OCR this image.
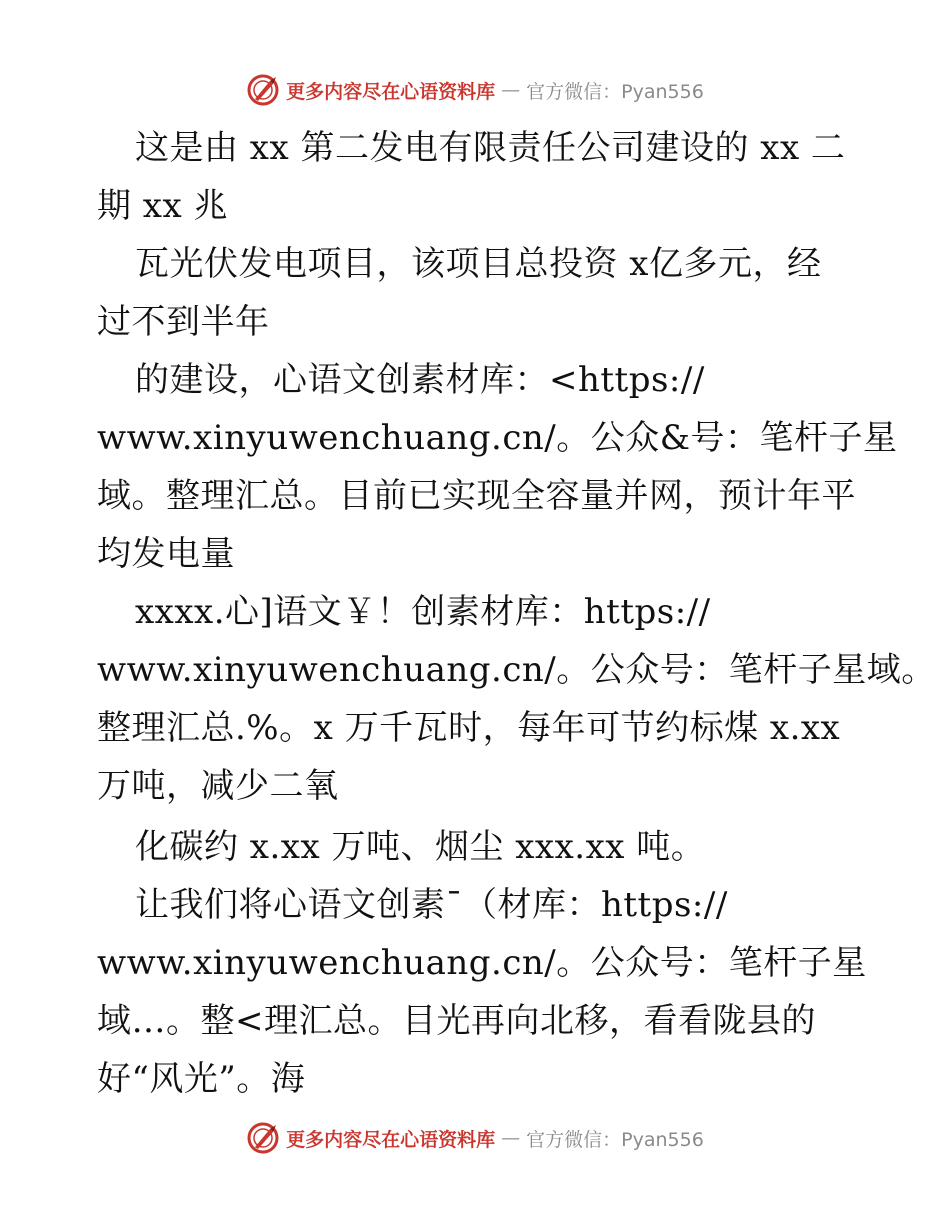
更多内容尽在心语资料库 — 官方微信：Pyan556
这是由 xx 第二发电有限责任公司建设的 xx 二
期 xx 兆
瓦光伏发电项目，该项目总投资 x亿多元，经
过不到半年
的建设，心语文创素材库：<https://
www.xinyuwenchuang.cn/。公众&号：笔杆子星
域。整理汇总。目前已实现全容量并网，预计年平
均发电量
xxxx.心]语文￥！创素材库：https://
www.xinyuwenchuang.cn/。公众号：笔杆子星域。
整理汇总.%。x 万千瓦时，每年可节约标煤 x.xx
万吨，减少二氧
化碳约 x.xx 万吨、烟尘 xxx.xx 吨。
让我们将心语文创素¯（材库：https://
www.xinyuwenchuang.cn/。公众号：笔杆子星
域…。整<理汇总。目光再向北移，看看陇县的
好“风光”。海
更多内容尽在心语资料库 — 官方微信：Pyan556
